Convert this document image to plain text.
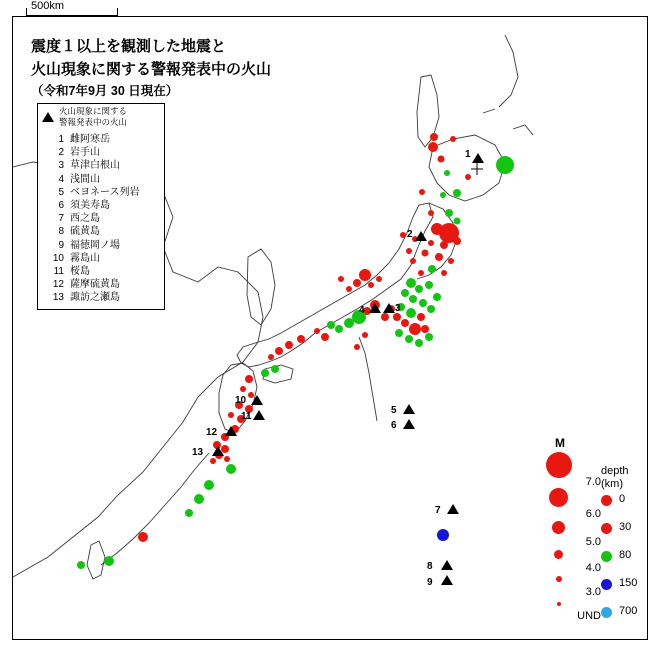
500km
1
2
3
4
5
6
7
8
9
10
11
12
13
震度１以上を観測した地震と
火山現象に関する警報発表中の火山
（令和7年9月 30 日現在）
火山現象に関する
警報発表中の火山
1 雌阿寒岳
2 岩手山
3 草津白根山
4 浅間山
5 ベヨネース列岩
6 須美寿島
7 西之島
8 硫黄島
9 福徳岡ノ場
10 霧島山
11 桜島
12 薩摩硫黄島
13 諏訪之瀬島
M
7.0
6.0
5.0
4.0
3.0
UND
depth
(km)
0
30
80
150
700
